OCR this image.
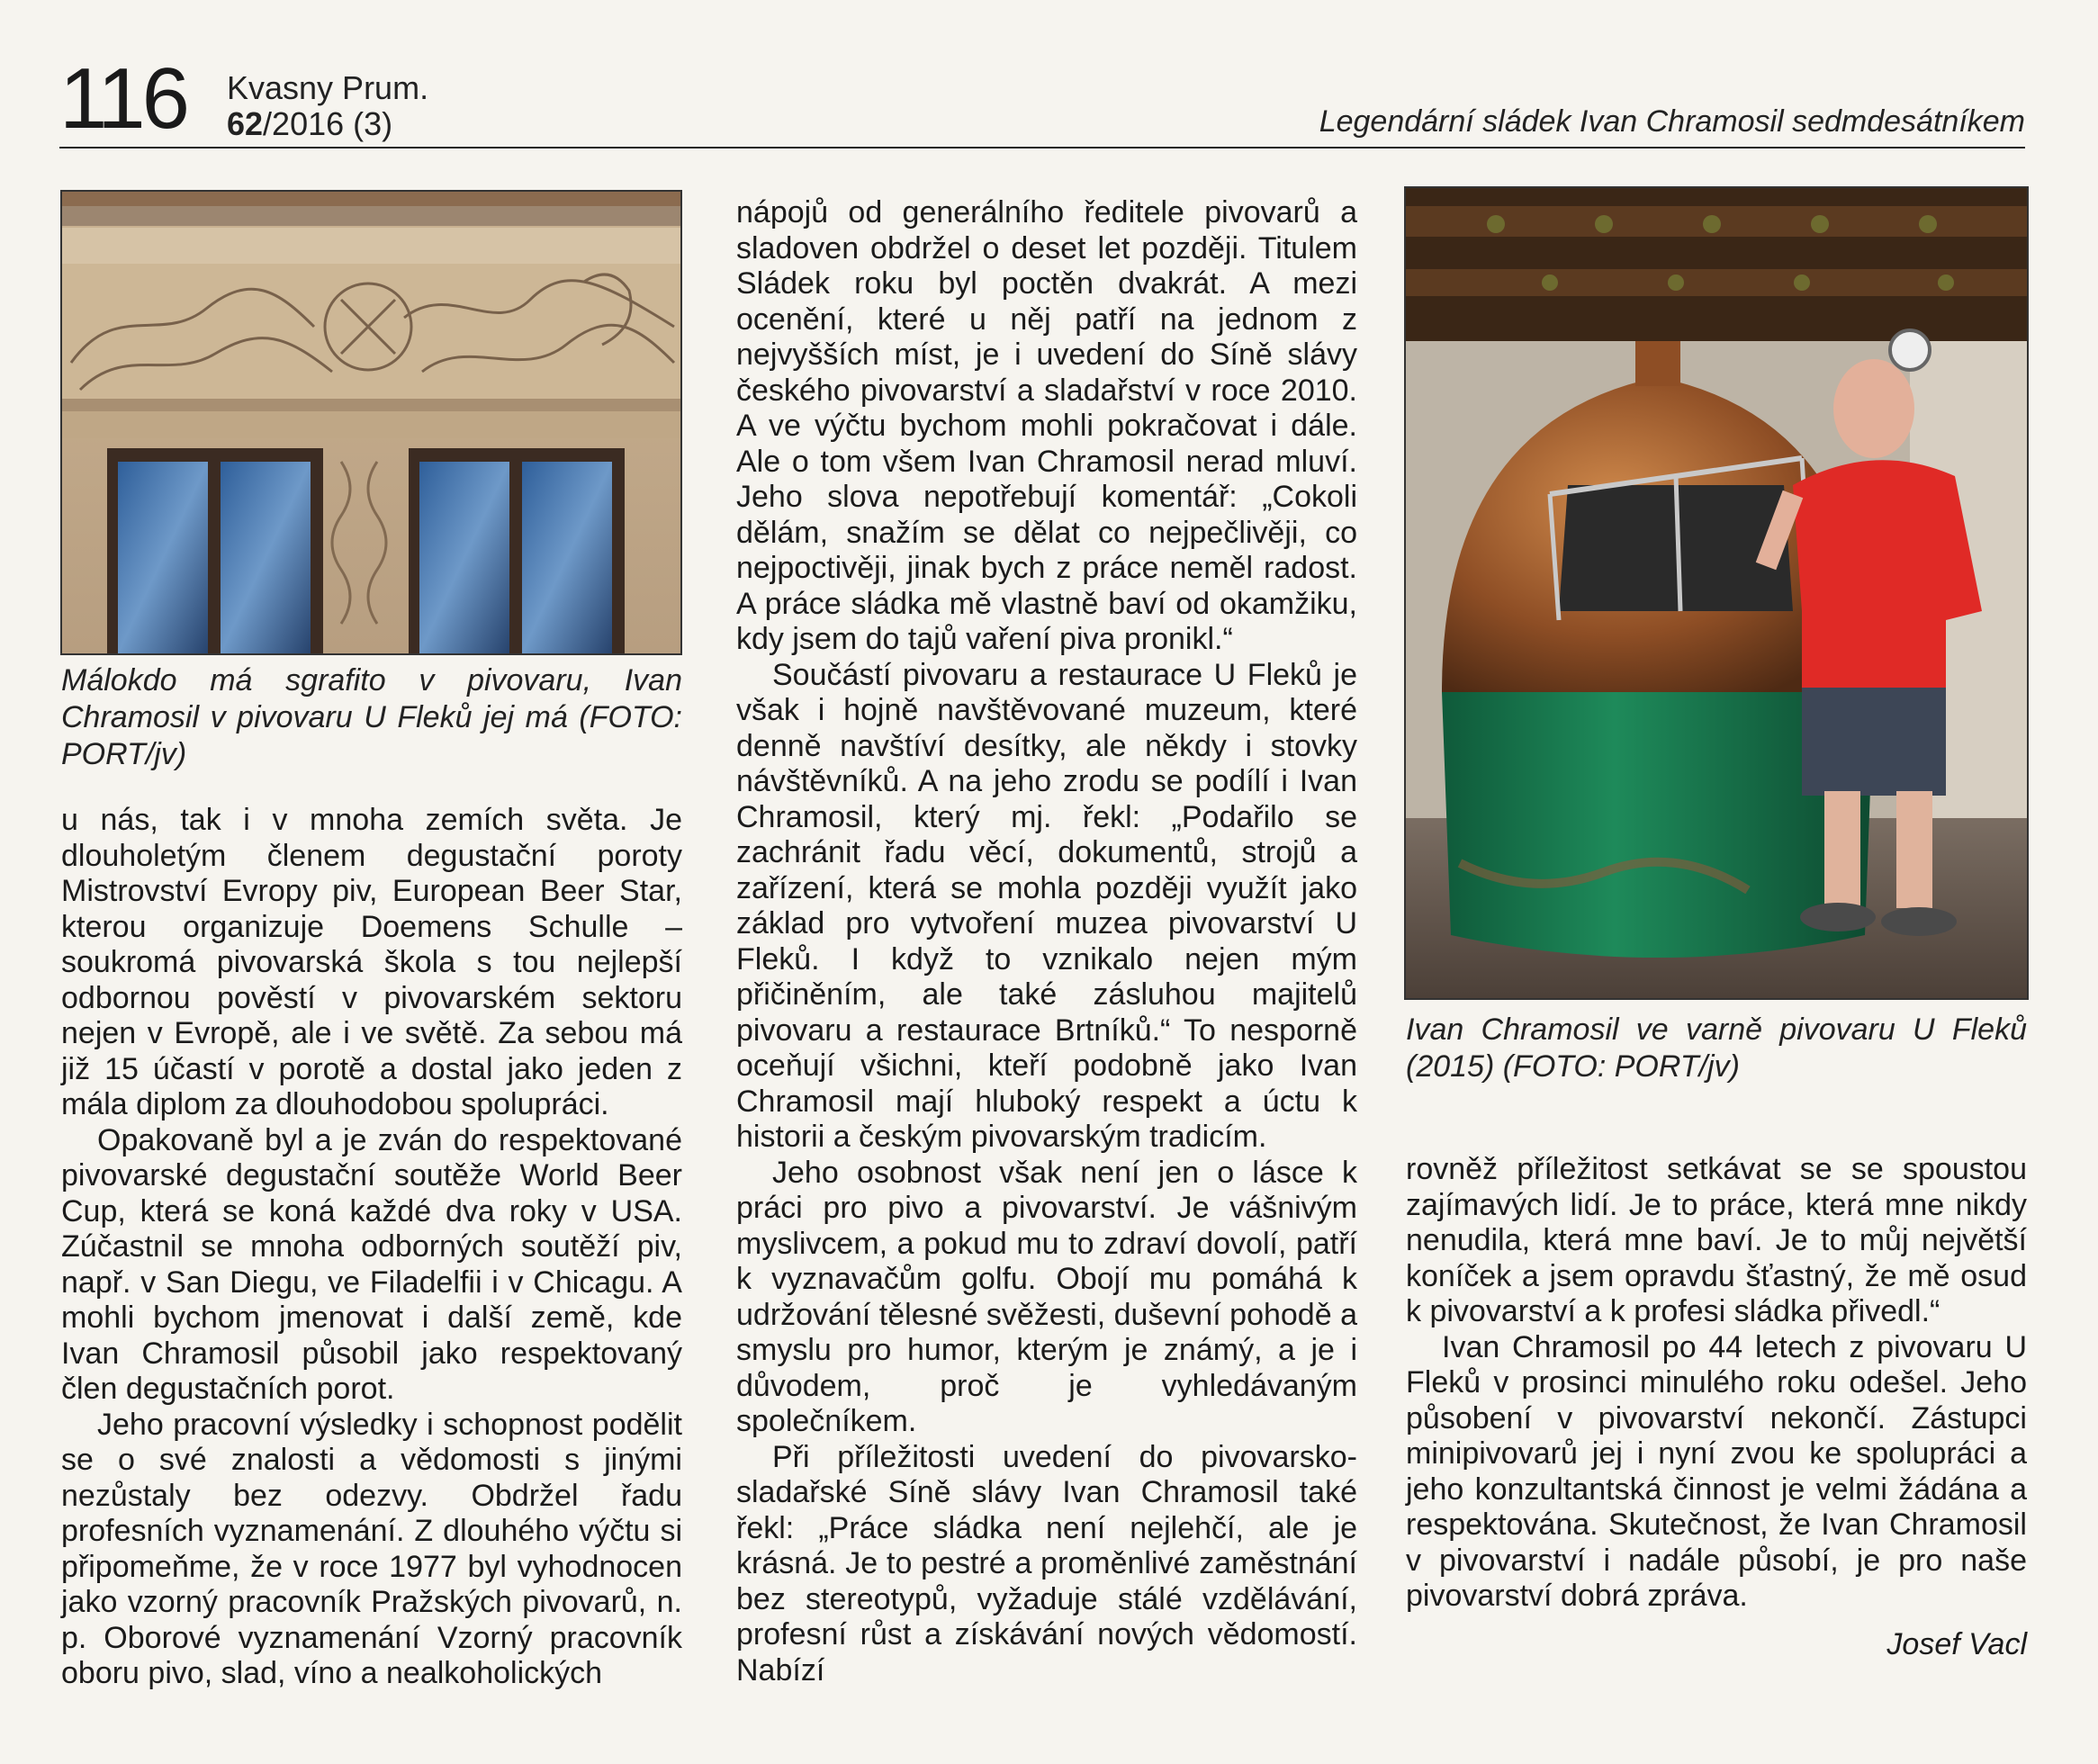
116 Kvasny Prum.
62/2016 (3)	Legendární sládek Ivan Chramosil sedmdesátníkem
Málokdo má sgrafito v pivovaru, Ivan Chramosil v pivovaru U Fleků jej má (FOTO: PORT/jv)

u nás, tak i v mnoha zemích světa. Je dlouholetým členem degustační poroty Mistrovství Evropy piv, European Beer Star, kterou organizuje Doemens Schulle – soukromá pivovarská škola s tou nejlepší odbornou pověstí v pivovarském sektoru nejen v Evropě, ale i ve světě. Za sebou má již 15 účastí v porotě a dostal jako jeden z mála diplom za dlouhodobou spolupráci.

Opakovaně byl a je zván do respektované pivovarské degustační soutěže World Beer Cup, která se koná každé dva roky v USA. Zúčastnil se mnoha odborných soutěží piv, např. v San Diegu, ve Filadelfii i v Chicagu. A mohli bychom jmenovat i další země, kde Ivan Chramosil působil jako respektovaný člen degustačních porot.

Jeho pracovní výsledky i schopnost podělit se o své znalosti a vědomosti s jinými nezůstaly bez odezvy. Obdržel řadu profesních vyznamenání. Z dlouhého výčtu si připomeňme, že v roce 1977 byl vyhodnocen jako vzorný pracovník Pražských pivovarů, n. p. Oborové vyznamenání Vzorný pracovník oboru pivo, slad, víno a nealkoholických

nápojů od generálního ředitele pivovarů a sladoven obdržel o deset let později. Titulem Sládek roku byl poctěn dvakrát. A mezi ocenění, které u něj patří na jednom z nejvyšších míst, je i uvedení do Síně slávy českého pivovarství a sladařství v roce 2010. A ve výčtu bychom mohli pokračovat i dále. Ale o tom všem Ivan Chramosil nerad mluví. Jeho slova nepotřebují komentář: „Cokoli dělám, snažím se dělat co nejpečlivěji, co nejpoctivěji, jinak bych z práce neměl radost. A práce sládka mě vlastně baví od okamžiku, kdy jsem do tajů vaření piva pronikl.“

Součástí pivovaru a restaurace U Fleků je však i hojně navštěvované muzeum, které denně navštíví desítky, ale někdy i stovky návštěvníků. A na jeho zrodu se podílí i Ivan Chramosil, který mj. řekl: „Podařilo se zachránit řadu věcí, dokumentů, strojů a zařízení, která se mohla později využít jako základ pro vytvoření muzea pivovarství U Fleků. I když to vznikalo nejen mým přičiněním, ale také zásluhou majitelů pivovaru a restaurace Brtníků.“ To nesporně oceňují všichni, kteří podobně jako Ivan Chramosil mají hluboký respekt a úctu k historii a českým pivovarským tradicím.

Jeho osobnost však není jen o lásce k práci pro pivo a pivovarství. Je vášnivým myslivcem, a pokud mu to zdraví dovolí, patří k vyznavačům golfu. Obojí mu pomáhá k udržování tělesné svěžesti, duševní pohodě a smyslu pro humor, kterým je známý, a je i důvodem, proč je vyhledávaným společníkem.

Při příležitosti uvedení do pivovarsko-sladařské Síně slávy Ivan Chramosil také řekl: „Práce sládka není nejlehčí, ale je krásná. Je to pestré a proměnlivé zaměstnání bez stereotypů, vyžaduje stálé vzdělávání, profesní růst a získávání nových vědomostí. Nabízí

Ivan Chramosil ve varně pivovaru U Fleků (2015) (FOTO: PORT/jv)

rovněž příležitost setkávat se se spoustou zajímavých lidí. Je to práce, která mne nikdy nenudila, která mne baví. Je to můj největší koníček a jsem opravdu šťastný, že mě osud k pivovarství a k profesi sládka přivedl.“

Ivan Chramosil po 44 letech z pivovaru U Fleků v prosinci minulého roku odešel. Jeho působení v pivovarství nekončí. Zástupci minipivovarů jej i nyní zvou ke spolupráci a jeho konzultantská činnost je velmi žádána a respektována. Skutečnost, že Ivan Chramosil v pivovarství i nadále působí, je pro naše pivovarství dobrá zpráva.

Josef Vacl
